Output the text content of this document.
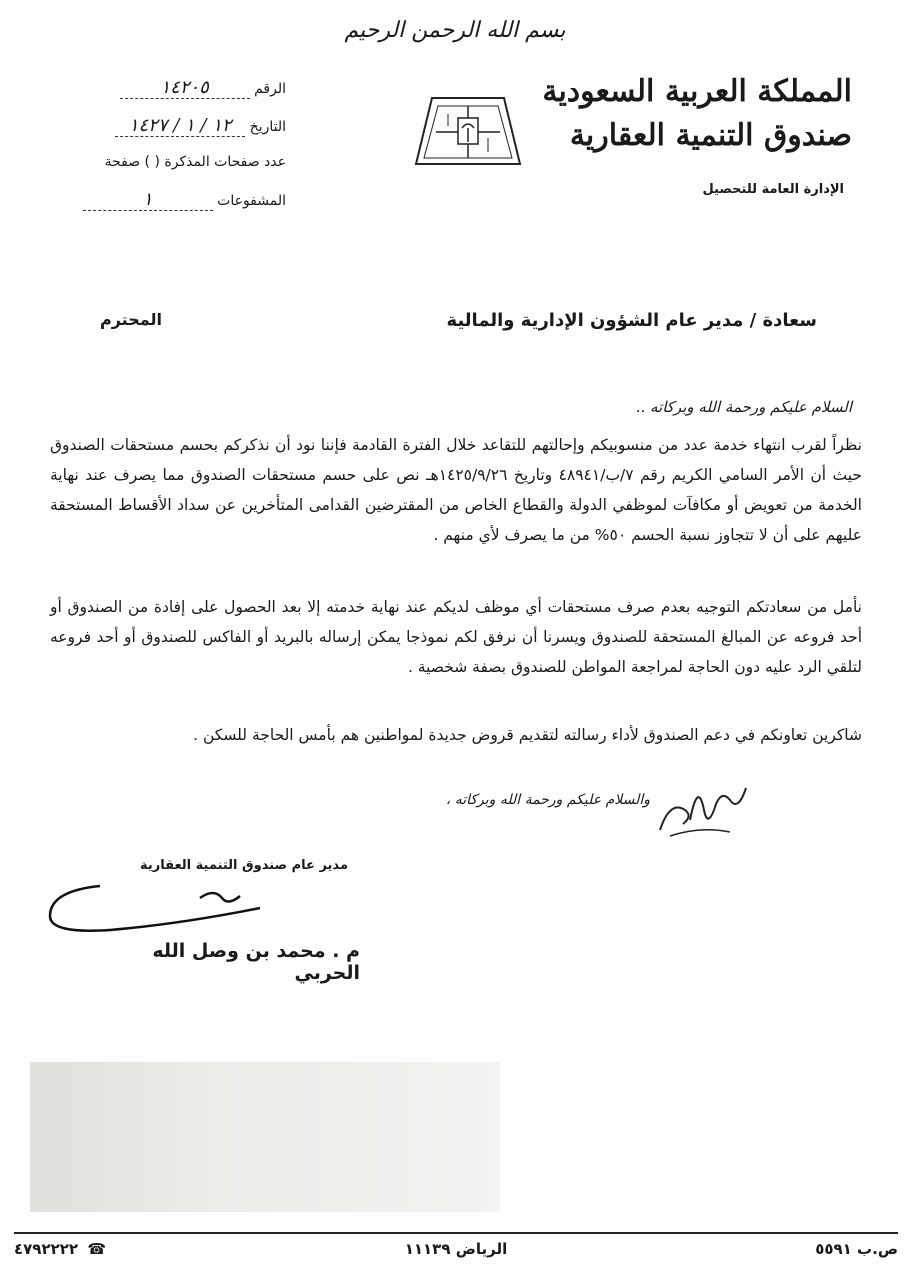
بسم الله الرحمن الرحيم
المملكة العربية السعودية
صندوق التنمية العقارية
الإدارة العامة للتحصيل
الرقم ١٤٢٠٥
التاريخ ١٢ / ١ / ١٤٢٧
عدد صفحات المذكرة ( ) صفحة
المشفوعات ١
سعادة / مدير عام الشؤون الإدارية والمالية
المحترم
السلام عليكم ورحمة الله وبركاته ..
نظراً لقرب انتهاء خدمة عدد من منسوبيكم وإحالتهم للتقاعد خلال الفترة القادمة فإننا نود أن نذكركم بحسم مستحقات الصندوق حيث أن الأمر السامي الكريم رقم ٧/ب/٤٨٩٤١ وتاريخ ١٤٢٥/٩/٢٦هـ نص على حسم مستحقات الصندوق مما يصرف عند نهاية الخدمة من تعويض أو مكافآت لموظفي الدولة والقطاع الخاص من المقترضين القدامى المتأخرين عن سداد الأقساط المستحقة عليهم على أن لا تتجاوز نسبة الحسم ٥٠% من ما يصرف لأي منهم .
نأمل من سعادتكم التوجيه بعدم صرف مستحقات أي موظف لديكم عند نهاية خدمته إلا بعد الحصول على إفادة من الصندوق أو أحد فروعه عن المبالغ المستحقة للصندوق ويسرنا أن نرفق لكم نموذجا يمكن إرساله بالبريد أو الفاكس للصندوق أو أحد فروعه لتلقي الرد عليه دون الحاجة لمراجعة المواطن للصندوق بصفة شخصية .
شاكرين تعاونكم في دعم الصندوق لأداء رسالته لتقديم قروض جديدة لمواطنين هم بأمس الحاجة للسكن .
والسلام عليكم ورحمة الله وبركاته ،
مدير عام صندوق التنمية العقارية
م . محمد بن وصل الله الحربي
ص.ب ٥٥٩١
الرياض ١١١٣٩
٤٧٩٢٢٢٢ ☎
